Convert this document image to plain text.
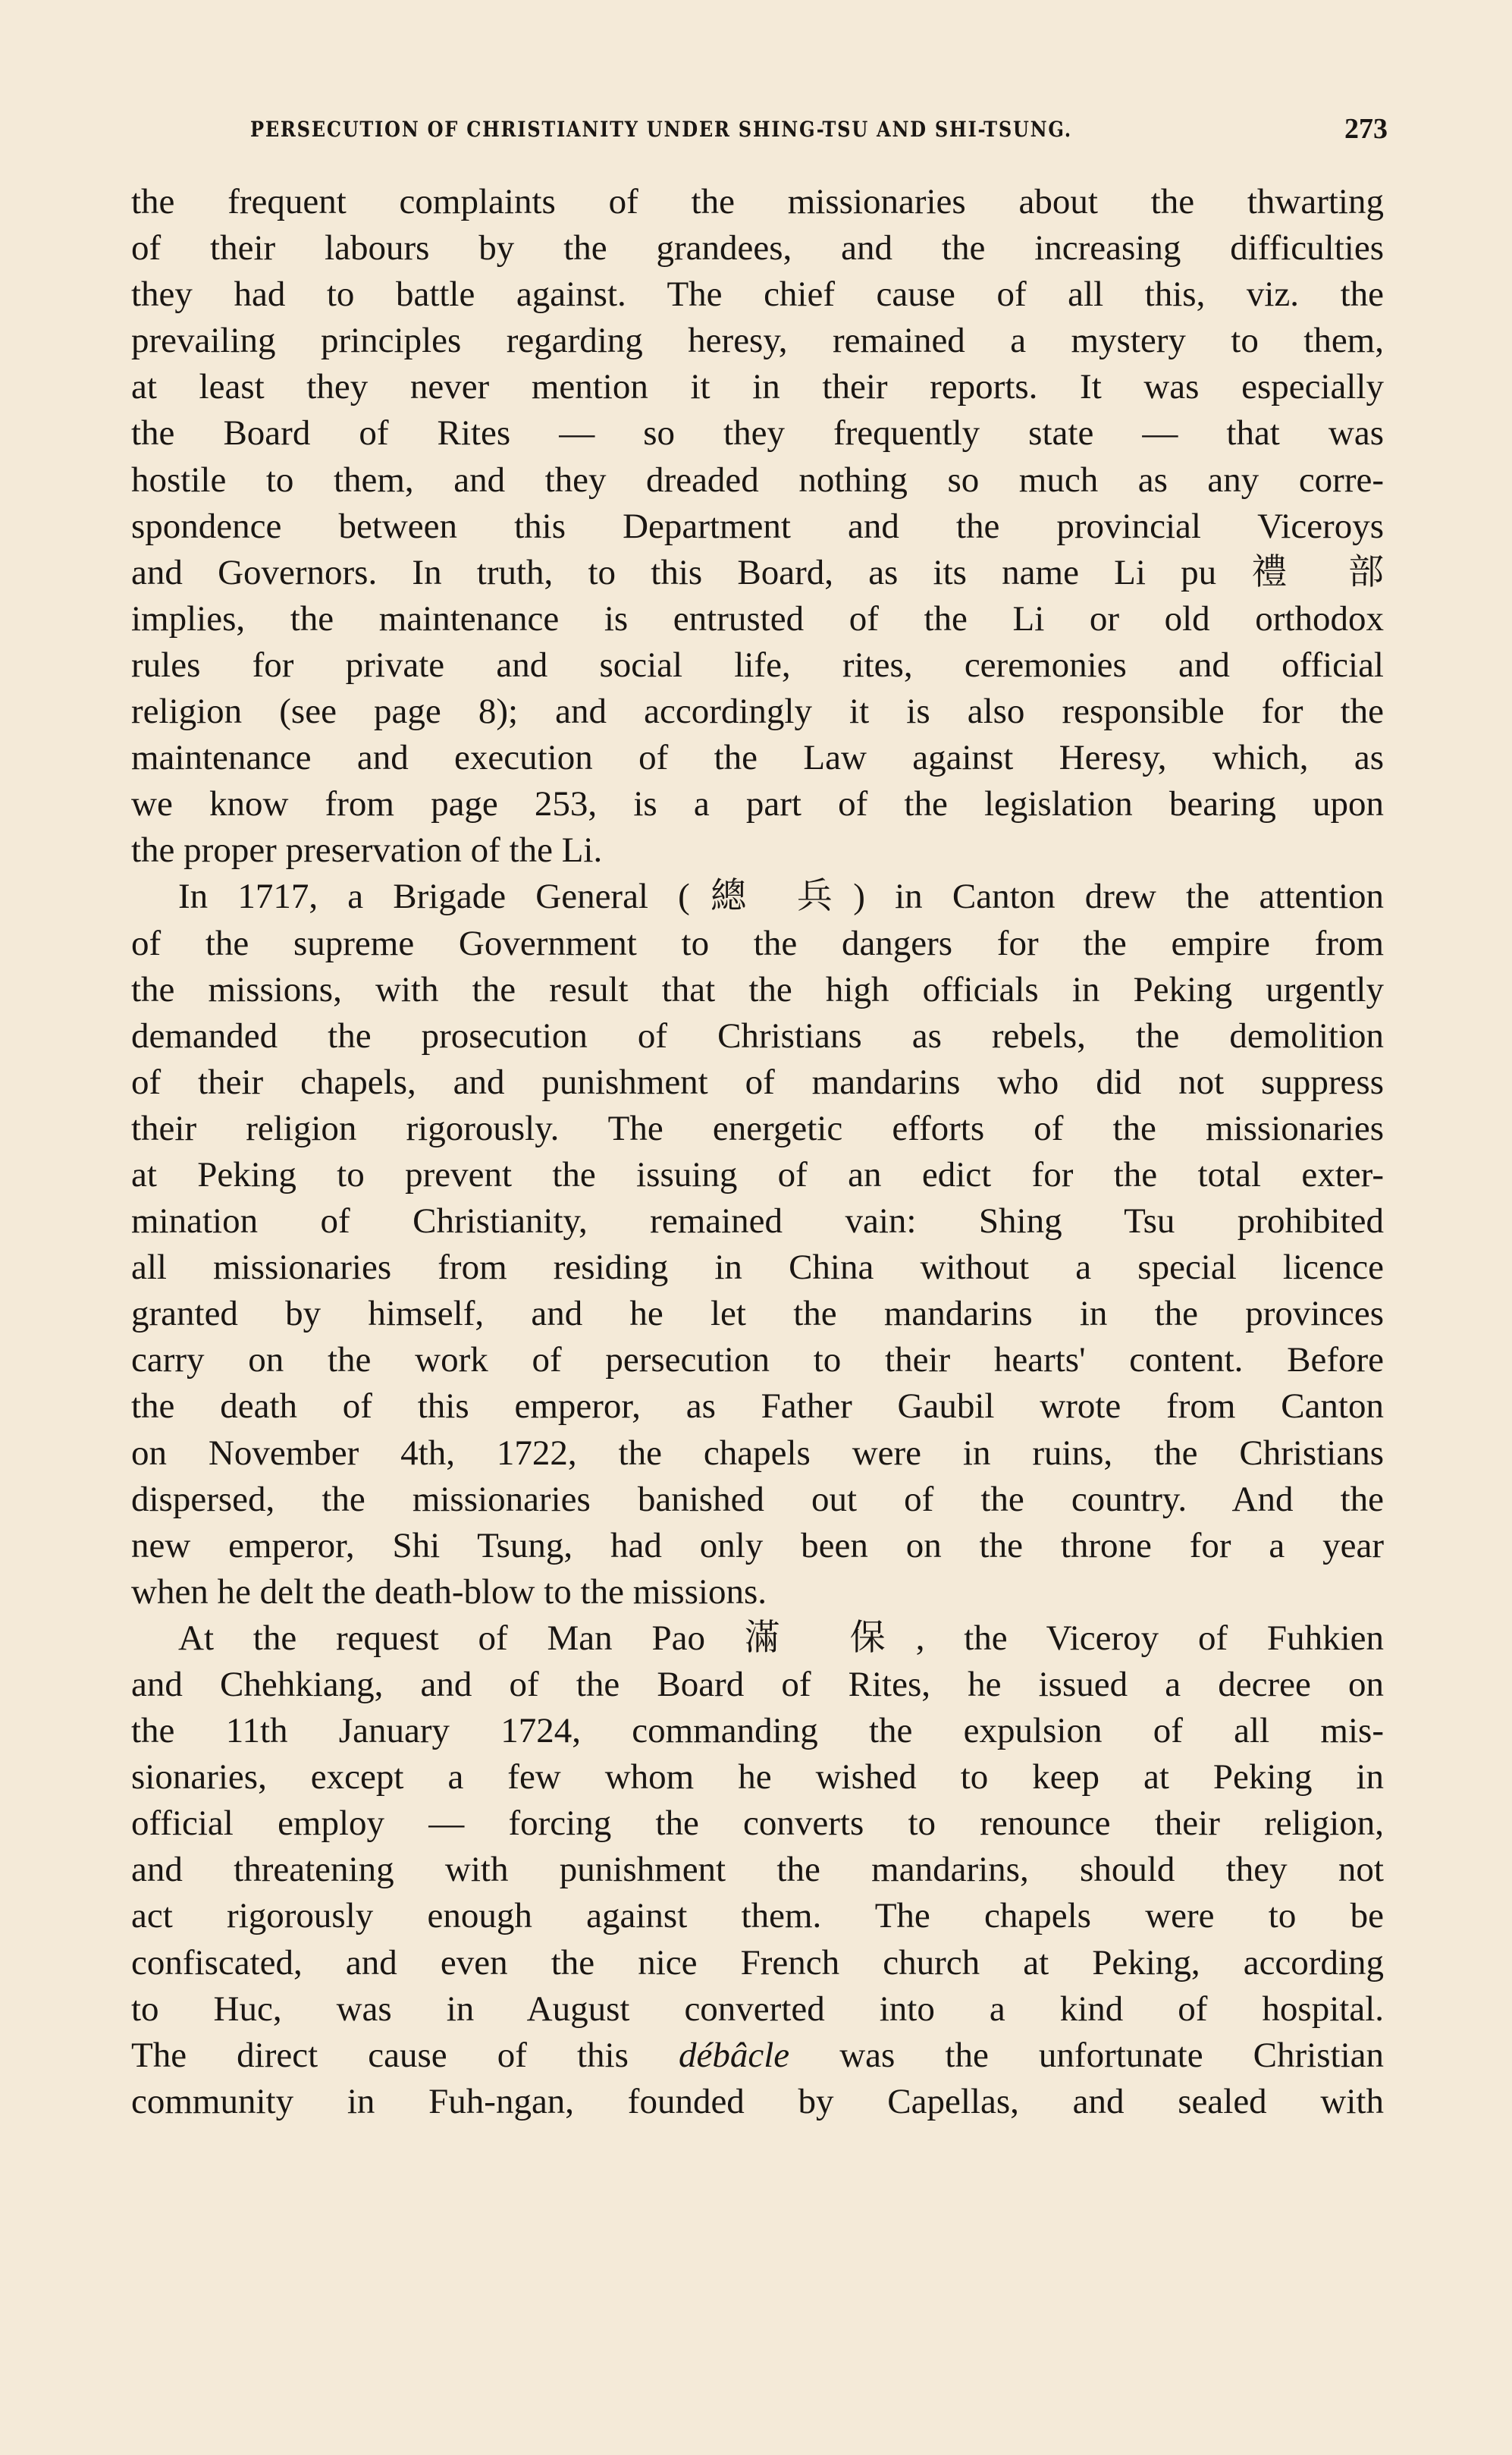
PERSECUTION OF CHRISTIANITY UNDER SHING-TSU AND SHI-TSUNG.	273
the frequent complaints of the missionaries about the thwarting
of their labours by the grandees, and the increasing difficulties
they had to battle against. The chief cause of all this, viz. the
prevailing principles regarding heresy, remained a mystery to them,
at least they never mention it in their reports. It was especially
the Board of Rites — so they frequently state — that was
hostile to them, and they dreaded nothing so much as any corre-
spondence between this Department and the provincial Viceroys
and Governors. In truth, to this Board, as its name Li pu 禮 部
implies, the maintenance is entrusted of the Li or old orthodox
rules for private and social life, rites, ceremonies and official
religion (see page 8); and accordingly it is also responsible for the
maintenance and execution of the Law against Heresy, which, as
we know from page 253, is a part of the legislation bearing upon
the proper preservation of the Li.
In 1717, a Brigade General (總 兵) in Canton drew the attention
of the supreme Government to the dangers for the empire from
the missions, with the result that the high officials in Peking urgently
demanded the prosecution of Christians as rebels, the demolition
of their chapels, and punishment of mandarins who did not suppress
their religion rigorously. The energetic efforts of the missionaries
at Peking to prevent the issuing of an edict for the total exter-
mination of Christianity, remained vain: Shing Tsu prohibited
all missionaries from residing in China without a special licence
granted by himself, and he let the mandarins in the provinces
carry on the work of persecution to their hearts' content. Before
the death of this emperor, as Father Gaubil wrote from Canton
on November 4th, 1722, the chapels were in ruins, the Christians
dispersed, the missionaries banished out of the country. And the
new emperor, Shi Tsung, had only been on the throne for a year
when he delt the death-blow to the missions.
At the request of Man Pao 滿 保, the Viceroy of Fuhkien
and Chehkiang, and of the Board of Rites, he issued a decree on
the 11th January 1724, commanding the expulsion of all mis-
sionaries, except a few whom he wished to keep at Peking in
official employ — forcing the converts to renounce their religion,
and threatening with punishment the mandarins, should they not
act rigorously enough against them. The chapels were to be
confiscated, and even the nice French church at Peking, according
to Huc, was in August converted into a kind of hospital.
The direct cause of this débâcle was the unfortunate Christian
community in Fuh-ngan, founded by Capellas, and sealed with
